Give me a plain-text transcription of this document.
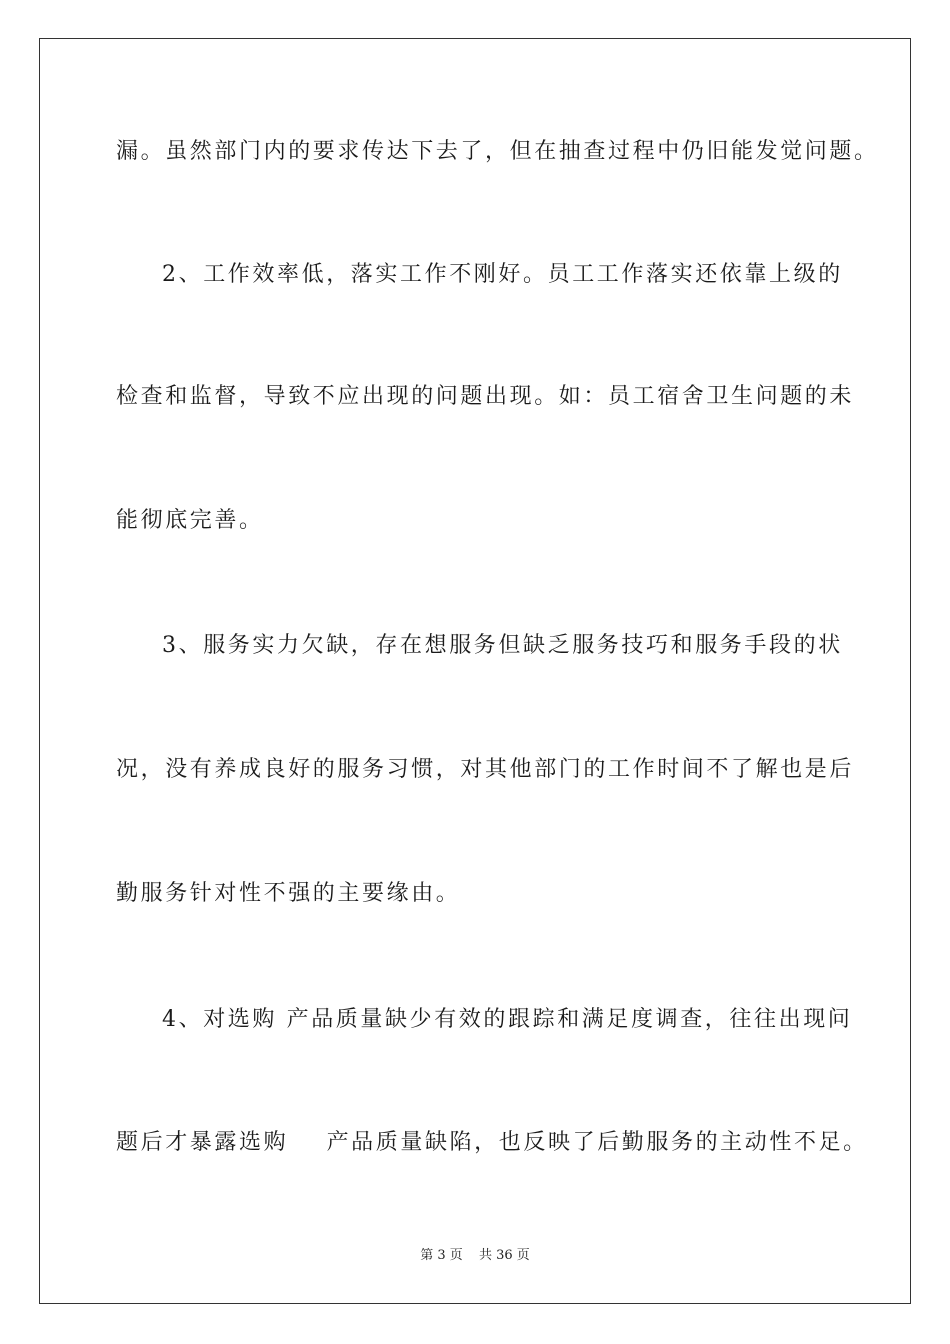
漏。虽然部门内的要求传达下去了，但在抽查过程中仍旧能发觉问题。
2、工作效率低，落实工作不刚好。员工工作落实还依靠上级的
检查和监督，导致不应出现的问题出现。如：员工宿舍卫生问题的未
能彻底完善。
3、服务实力欠缺，存在想服务但缺乏服务技巧和服务手段的状
况，没有养成良好的服务习惯，对其他部门的工作时间不了解也是后
勤服务针对性不强的主要缘由。
4、对选购 产品质量缺少有效的跟踪和满足度调查，往往出现问
题后才暴露选购    产品质量缺陷，也反映了后勤服务的主动性不足。
第 3 页 共 36 页
